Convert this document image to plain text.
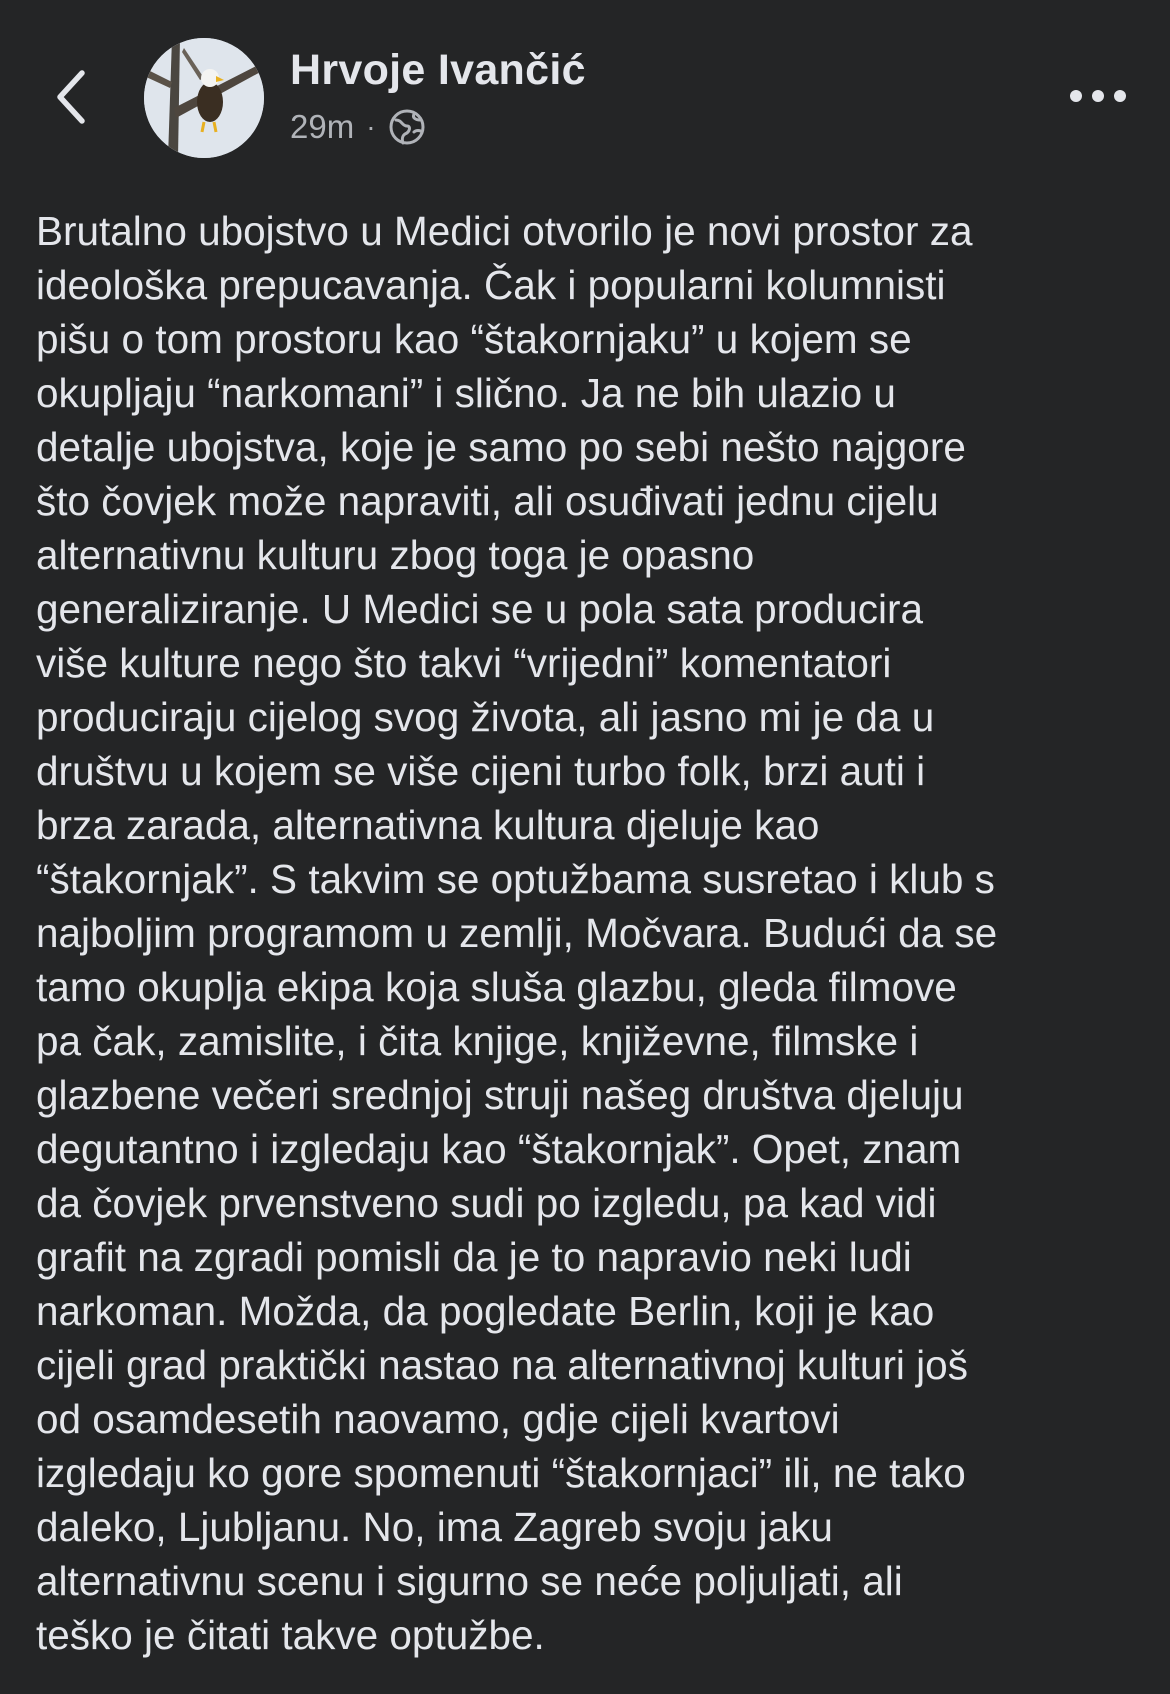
Hrvoje Ivančić
29m ·
Brutalno ubojstvo u Medici otvorilo je novi prostor za
ideološka prepucavanja. Čak i popularni kolumnisti
pišu o tom prostoru kao “štakornjaku” u kojem se
okupljaju “narkomani” i slično. Ja ne bih ulazio u
detalje ubojstva, koje je samo po sebi nešto najgore
što čovjek može napraviti, ali osuđivati jednu cijelu
alternativnu kulturu zbog toga je opasno
generaliziranje. U Medici se u pola sata producira
više kulture nego što takvi “vrijedni” komentatori
produciraju cijelog svog života, ali jasno mi je da u
društvu u kojem se više cijeni turbo folk, brzi auti i
brza zarada, alternativna kultura djeluje kao
“štakornjak”. S takvim se optužbama susretao i klub s
najboljim programom u zemlji, Močvara. Budući da se
tamo okuplja ekipa koja sluša glazbu, gleda filmove
pa čak, zamislite, i čita knjige, književne, filmske i
glazbene večeri srednjoj struji našeg društva djeluju
degutantno i izgledaju kao “štakornjak”. Opet, znam
da čovjek prvenstveno sudi po izgledu, pa kad vidi
grafit na zgradi pomisli da je to napravio neki ludi
narkoman. Možda, da pogledate Berlin, koji je kao
cijeli grad praktički nastao na alternativnoj kulturi još
od osamdesetih naovamo, gdje cijeli kvartovi
izgledaju ko gore spomenuti “štakornjaci” ili, ne tako
daleko, Ljubljanu. No, ima Zagreb svoju jaku
alternativnu scenu i sigurno se neće poljuljati, ali
teško je čitati takve optužbe.
